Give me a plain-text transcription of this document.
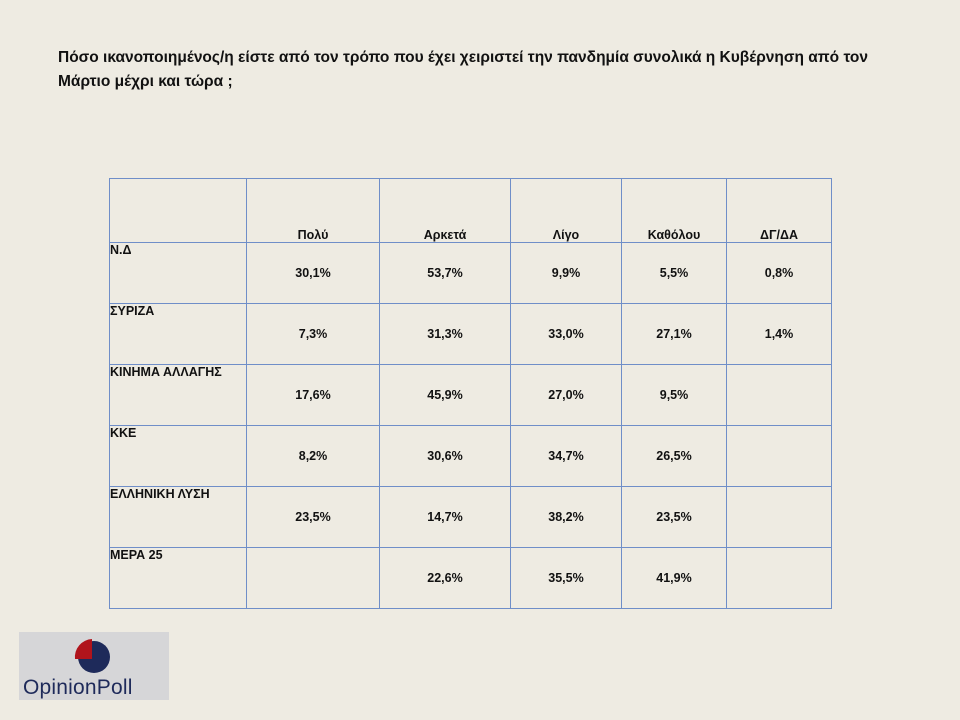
Πόσο ικανοποιημένος/η είστε από τον τρόπο που έχει χειριστεί την πανδημία συνολικά η Κυβέρνηση από τον Μάρτιο μέχρι και τώρα ;
	Πολύ	Αρκετά	Λίγο	Καθόλου	ΔΓ/ΔΑ
Ν.Δ	30,1%	53,7%	9,9%	5,5%	0,8%
ΣΥΡΙΖΑ	7,3%	31,3%	33,0%	27,1%	1,4%
ΚΙΝΗΜΑ ΑΛΛΑΓΗΣ	17,6%	45,9%	27,0%	9,5%	
ΚΚΕ	8,2%	30,6%	34,7%	26,5%	
ΕΛΛΗΝΙΚΗ ΛΥΣΗ	23,5%	14,7%	38,2%	23,5%	
ΜΕΡΑ 25		22,6%	35,5%	41,9%	
OpinionPoll
